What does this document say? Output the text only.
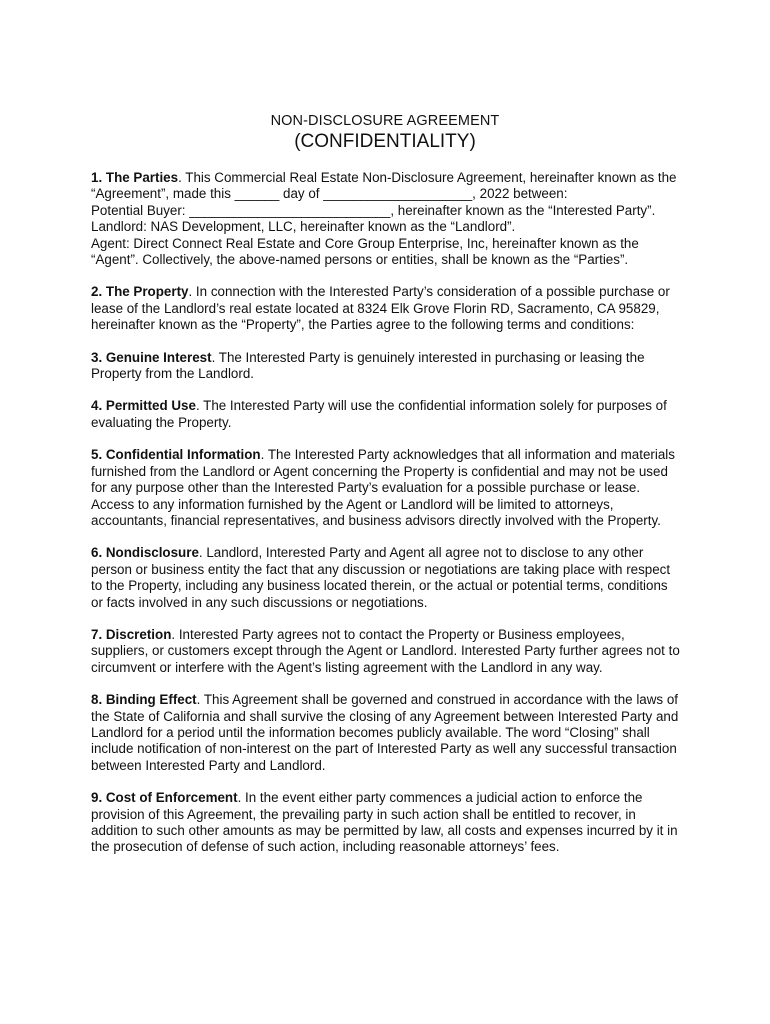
NON-DISCLOSURE AGREEMENT
(CONFIDENTIALITY)

1. The Parties. This Commercial Real Estate Non-Disclosure Agreement, hereinafter known as the “Agreement”, made this ______ day of ____________________, 2022 between:

Potential Buyer: ___________________________, hereinafter known as the “Interested Party”.

Landlord: NAS Development, LLC, hereinafter known as the “Landlord”.

Agent: Direct Connect Real Estate and Core Group Enterprise, Inc, hereinafter known as the “Agent”. Collectively, the above-named persons or entities, shall be known as the “Parties”.

2. The Property. In connection with the Interested Party’s consideration of a possible purchase or lease of the Landlord’s real estate located at 8324 Elk Grove Florin RD, Sacramento, CA 95829, hereinafter known as the “Property”, the Parties agree to the following terms and conditions:

3. Genuine Interest. The Interested Party is genuinely interested in purchasing or leasing the Property from the Landlord.

4. Permitted Use. The Interested Party will use the confidential information solely for purposes of evaluating the Property.

5. Confidential Information. The Interested Party acknowledges that all information and materials furnished from the Landlord or Agent concerning the Property is confidential and may not be used for any purpose other than the Interested Party’s evaluation for a possible purchase or lease. Access to any information furnished by the Agent or Landlord will be limited to attorneys, accountants, financial representatives, and business advisors directly involved with the Property.

6. Nondisclosure. Landlord, Interested Party and Agent all agree not to disclose to any other person or business entity the fact that any discussion or negotiations are taking place with respect to the Property, including any business located therein, or the actual or potential terms, conditions or facts involved in any such discussions or negotiations.

7. Discretion. Interested Party agrees not to contact the Property or Business employees, suppliers, or customers except through the Agent or Landlord. Interested Party further agrees not to circumvent or interfere with the Agent’s listing agreement with the Landlord in any way.

8. Binding Effect. This Agreement shall be governed and construed in accordance with the laws of the State of California and shall survive the closing of any Agreement between Interested Party and Landlord for a period until the information becomes publicly available. The word “Closing” shall include notification of non-interest on the part of Interested Party as well any successful transaction between Interested Party and Landlord.

9. Cost of Enforcement. In the event either party commences a judicial action to enforce the provision of this Agreement, the prevailing party in such action shall be entitled to recover, in addition to such other amounts as may be permitted by law, all costs and expenses incurred by it in the prosecution of defense of such action, including reasonable attorneys’ fees.
